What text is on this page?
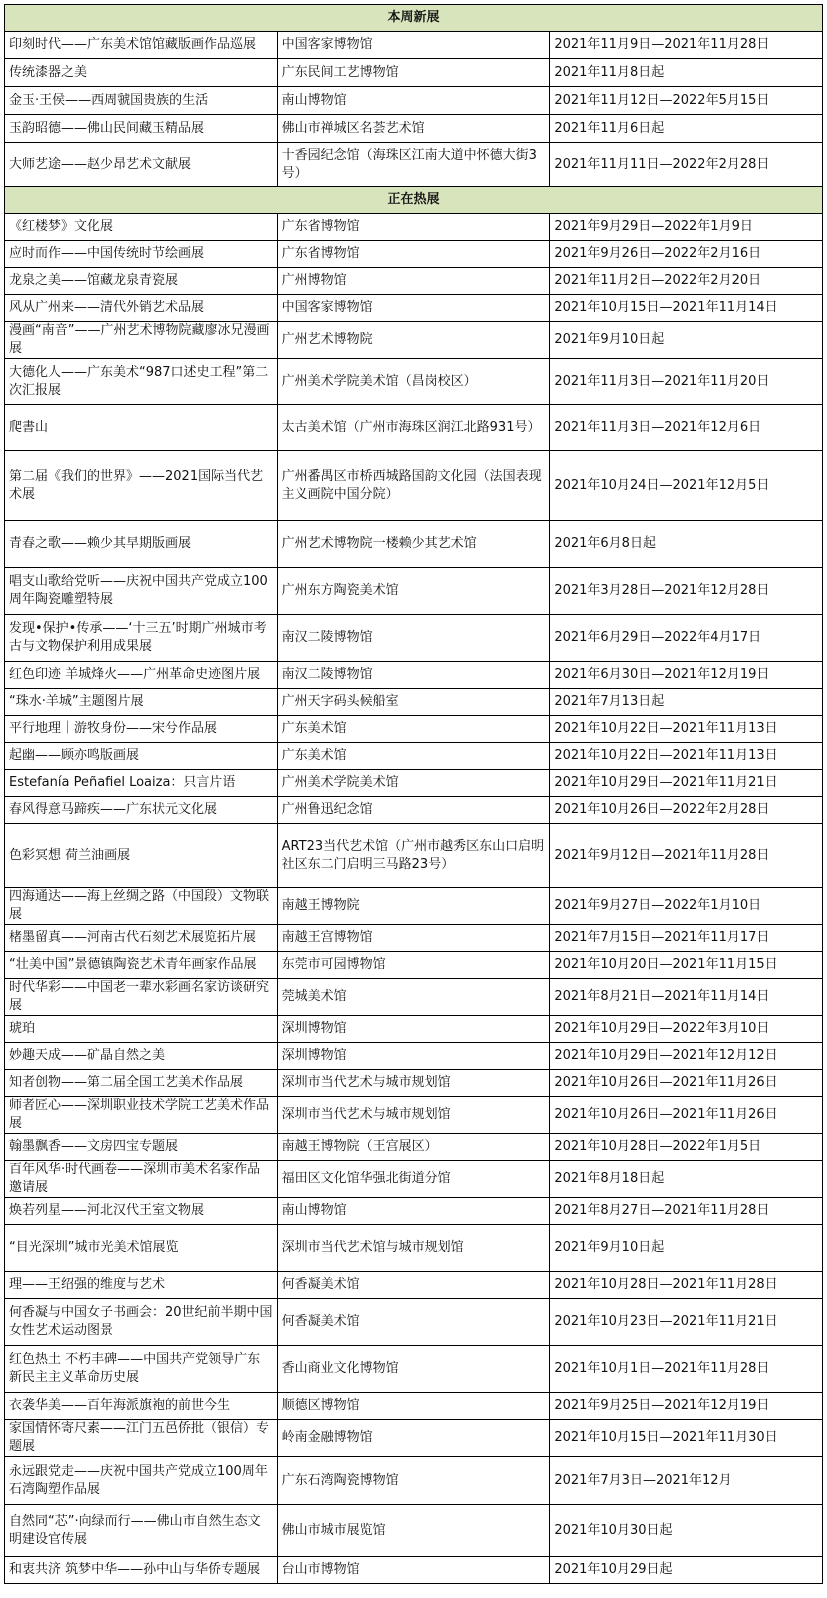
本周新展		
印刻时代——广东美术馆馆藏版画作品巡展	中国客家博物馆	2021年11月9日—2021年11月28日
传统漆器之美	广东民间工艺博物馆	2021年11月8日起
金玉·王侯——西周虢国贵族的生活	南山博物馆	2021年11月12日—2022年5月15日
玉韵昭德——佛山民间藏玉精品展	佛山市禅城区名荟艺术馆	2021年11月6日起
大师艺途——赵少昂艺术文献展	十香园纪念馆（海珠区江南大道中怀德大街3号）	2021年11月11日—2022年2月28日
正在热展		
《红楼梦》文化展	广东省博物馆	2021年9月29日—2022年1月9日
应时而作——中国传统时节绘画展	广东省博物馆	2021年9月26日—2022年2月16日
龙泉之美——馆藏龙泉青瓷展	广州博物馆	2021年11月2日—2022年2月20日
风从广州来——清代外销艺术品展	中国客家博物馆	2021年10月15日—2021年11月14日
漫画“南音”——广州艺术博物院藏廖冰兄漫画展	广州艺术博物院	2021年9月10日起
大德化人——广东美术“987口述史工程”第二次汇报展	广州美术学院美术馆（昌岗校区）	2021年11月3日—2021年11月20日
爬書山	太古美术馆（广州市海珠区润江北路931号）	2021年11月3日—2021年12月6日
第二届《我们的世界》——2021国际当代艺术展	广州番禺区市桥西城路国韵文化园（法国表现主义画院中国分院）	2021年10月24日—2021年12月5日
青春之歌——赖少其早期版画展	广州艺术博物院一楼赖少其艺术馆	2021年6月8日起
唱支山歌给党听——庆祝中国共产党成立100周年陶瓷雕塑特展	广州东方陶瓷美术馆	2021年3月28日—2021年12月28日
发现•保护•传承——‘十三五’时期广州城市考古与文物保护利用成果展	南汉二陵博物馆	2021年6月29日—2022年4月17日
红色印迹 羊城烽火——广州革命史迹图片展	南汉二陵博物馆	2021年6月30日—2021年12月19日
“珠水·羊城”主题图片展	广州天字码头候船室	2021年7月13日起
平行地理｜游牧身份——宋兮作品展	广东美术馆	2021年10月22日—2021年11月13日
起幽——顾亦鸣版画展	广东美术馆	2021年10月22日—2021年11月13日
Estefanía Peñafiel Loaiza：只言片语	广州美术学院美术馆	2021年10月29日—2021年11月21日
春风得意马蹄疾——广东状元文化展	广州鲁迅纪念馆	2021年10月26日—2022年2月28日
色彩冥想 荷兰油画展	ART23当代艺术馆（广州市越秀区东山口启明社区东二门启明三马路23号）	2021年9月12日—2021年11月28日
四海通达——海上丝绸之路（中国段）文物联展	南越王博物院	2021年9月27日—2022年1月10日
楮墨留真——河南古代石刻艺术展览拓片展	南越王宫博物馆	2021年7月15日—2021年11月17日
“壮美中国”景德镇陶瓷艺术青年画家作品展	东莞市可园博物馆	2021年10月20日—2021年11月15日
时代华彩——中国老一辈水彩画名家访谈研究展	莞城美术馆	2021年8月21日—2021年11月14日
琥珀	深圳博物馆	2021年10月29日—2022年3月10日
妙趣天成——矿晶自然之美	深圳博物馆	2021年10月29日—2021年12月12日
知者创物——第二届全国工艺美术作品展	深圳市当代艺术与城市规划馆	2021年10月26日—2021年11月26日
师者匠心——深圳职业技术学院工艺美术作品展	深圳市当代艺术与城市规划馆	2021年10月26日—2021年11月26日
翰墨飘香——文房四宝专题展	南越王博物院（王宫展区）	2021年10月28日—2022年1月5日
百年风华·时代画卷——深圳市美术名家作品邀请展	福田区文化馆华强北街道分馆	2021年8月18日起
焕若列星——河北汉代王室文物展	南山博物馆	2021年8月27日—2021年11月28日
“目光深圳”城市光美术馆展览	深圳市当代艺术馆与城市规划馆	2021年9月10日起
理——王绍强的维度与艺术	何香凝美术馆	2021年10月28日—2021年11月28日
何香凝与中国女子书画会：20世纪前半期中国女性艺术运动图景	何香凝美术馆	2021年10月23日—2021年11月21日
红色热土 不朽丰碑——中国共产党领导广东新民主主义革命历史展	香山商业文化博物馆	2021年10月1日—2021年11月28日
衣袭华美——百年海派旗袍的前世今生	顺德区博物馆	2021年9月25日—2021年12月19日
家国情怀寄尺素——江门五邑侨批（银信）专题展	岭南金融博物馆	2021年10月15日—2021年11月30日
永远跟党走——庆祝中国共产党成立100周年石湾陶塑作品展	广东石湾陶瓷博物馆	2021年7月3日—2021年12月
自然同“芯”·向绿而行——佛山市自然生态文明建设官传展	佛山市城市展览馆	2021年10月30日起
和衷共济 筑梦中华——孙中山与华侨专题展	台山市博物馆	2021年10月29日起
